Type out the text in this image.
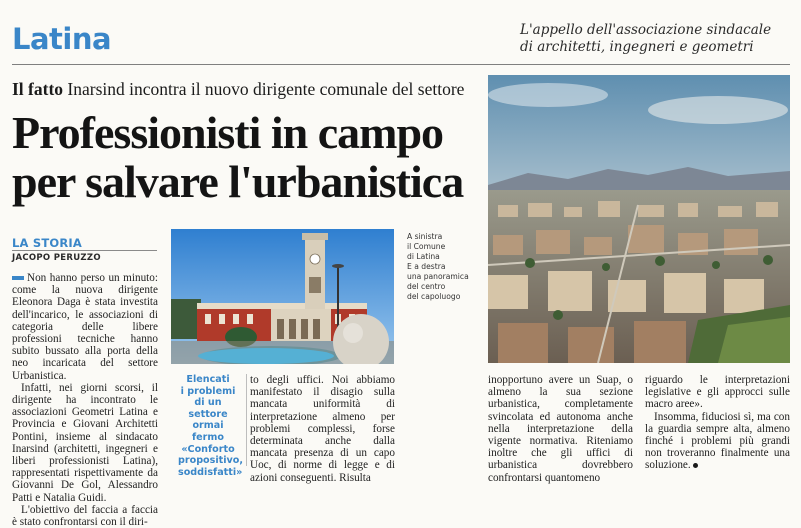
Latina	L'appello dell'associazione sindacale
di architetti, ingegneri e geometri
Il fatto Inarsind incontra il nuovo dirigente comunale del settore
Professionisti in campo
per salvare l'urbanistica
LA STORIA
JACOPO PERUZZO

Non hanno perso un minuto: come la nuova dirigente Eleonora Daga è stata investita dell'incarico, le associazioni di categoria delle libere professioni tecniche hanno subito bussato alla porta della neo incaricata del settore Urbanistica.

Infatti, nei giorni scorsi, il dirigente ha incontrato le associazioni Geometri Latina e Provincia e Giovani Architetti Pontini, insieme al sindacato Inarsind (architetti, ingegneri e liberi professionisti Latina), rappresentati rispettivamente da Giovanni De Gol, Alessandro Patti e Natalia Guidi.

L'obiettivo del faccia a faccia è stato confrontarsi con il diri-

A sinistra
il Comune
di Latina
E a destra
una panoramica
del centro
del capoluogo
Elencati
i problemi
di un settore
ormai fermo
«Conforto
propositivo,
soddisfatti»

to degli uffici. Noi abbiamo manifestato il disagio sulla mancata uniformità di interpretazione almeno per problemi complessi, forse determinata anche dalla mancata presenza di un capo Uoc, di norme di legge e di azioni conseguenti. Risulta

inopportuno avere un Suap, o almeno la sua sezione urbanistica, completamente svincolata ed autonoma anche nella interpretazione della vigente normativa. Riteniamo inoltre che gli uffici di urbanistica dovrebbero confrontarsi quantomeno

riguardo le interpretazioni legislative e gli approcci sulle macro aree».

Insomma, fiduciosi sì, ma con la guardia sempre alta, almeno finché i problemi più grandi non troveranno finalmente una soluzione.
